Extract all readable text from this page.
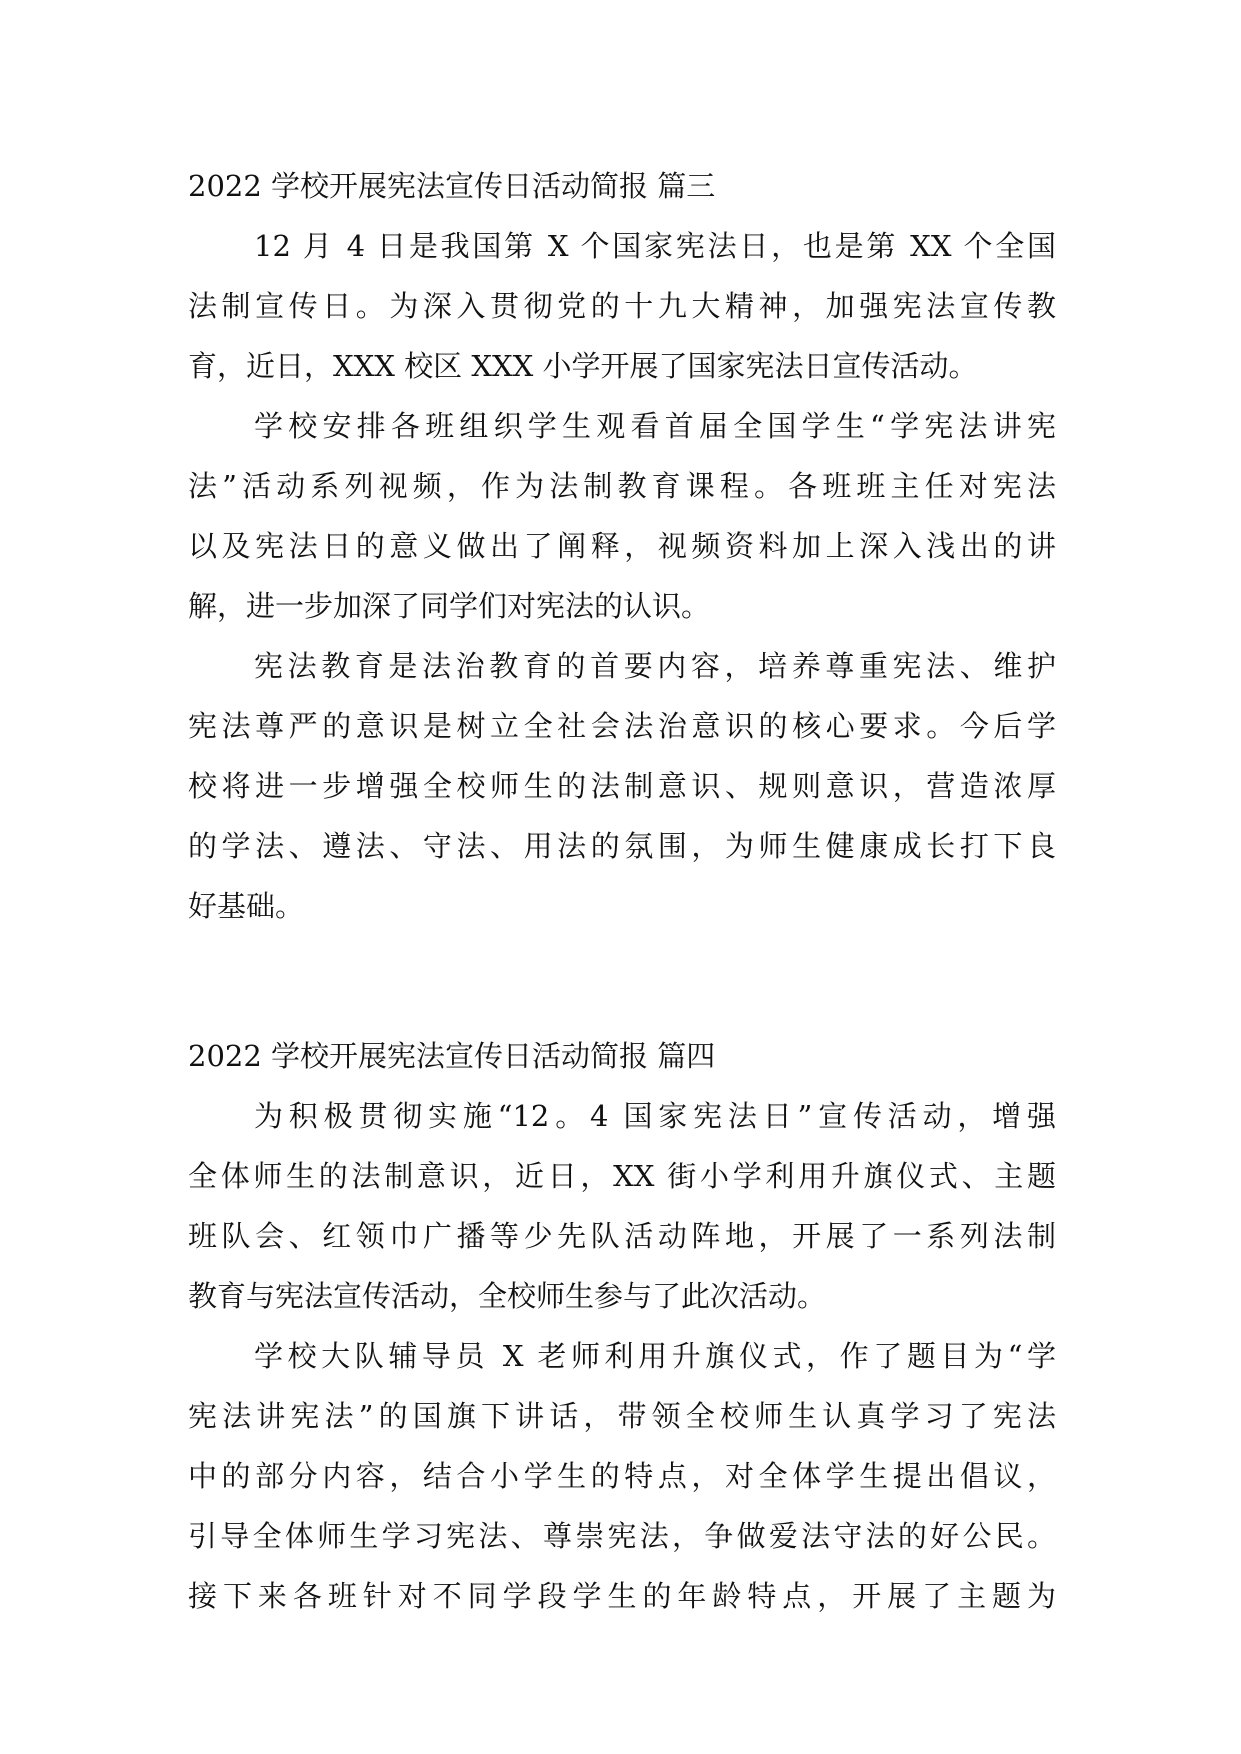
2022 学校开展宪法宣传日活动简报 篇三

12 月 4 日是我国第 X 个国家宪法日，也是第 XX 个全国
法制宣传日。为深入贯彻党的十九大精神，加强宪法宣传教
育，近日，XXX 校区 XXX 小学开展了国家宪法日宣传活动。

学校安排各班组织学生观看首届全国学生“学宪法讲宪
法”活动系列视频，作为法制教育课程。各班班主任对宪法
以及宪法日的意义做出了阐释，视频资料加上深入浅出的讲
解，进一步加深了同学们对宪法的认识。

宪法教育是法治教育的首要内容，培养尊重宪法、维护
宪法尊严的意识是树立全社会法治意识的核心要求。今后学
校将进一步增强全校师生的法制意识、规则意识，营造浓厚
的学法、遵法、守法、用法的氛围，为师生健康成长打下良
好基础。

2022 学校开展宪法宣传日活动简报 篇四

为积极贯彻实施“12。4 国家宪法日”宣传活动，增强
全体师生的法制意识，近日，XX 街小学利用升旗仪式、主题
班队会、红领巾广播等少先队活动阵地，开展了一系列法制
教育与宪法宣传活动，全校师生参与了此次活动。

学校大队辅导员 X 老师利用升旗仪式，作了题目为“学
宪法讲宪法”的国旗下讲话，带领全校师生认真学习了宪法
中的部分内容，结合小学生的特点，对全体学生提出倡议，
引导全体师生学习宪法、尊崇宪法，争做爱法守法的好公民。
接下来各班针对不同学段学生的年龄特点，开展了主题为
